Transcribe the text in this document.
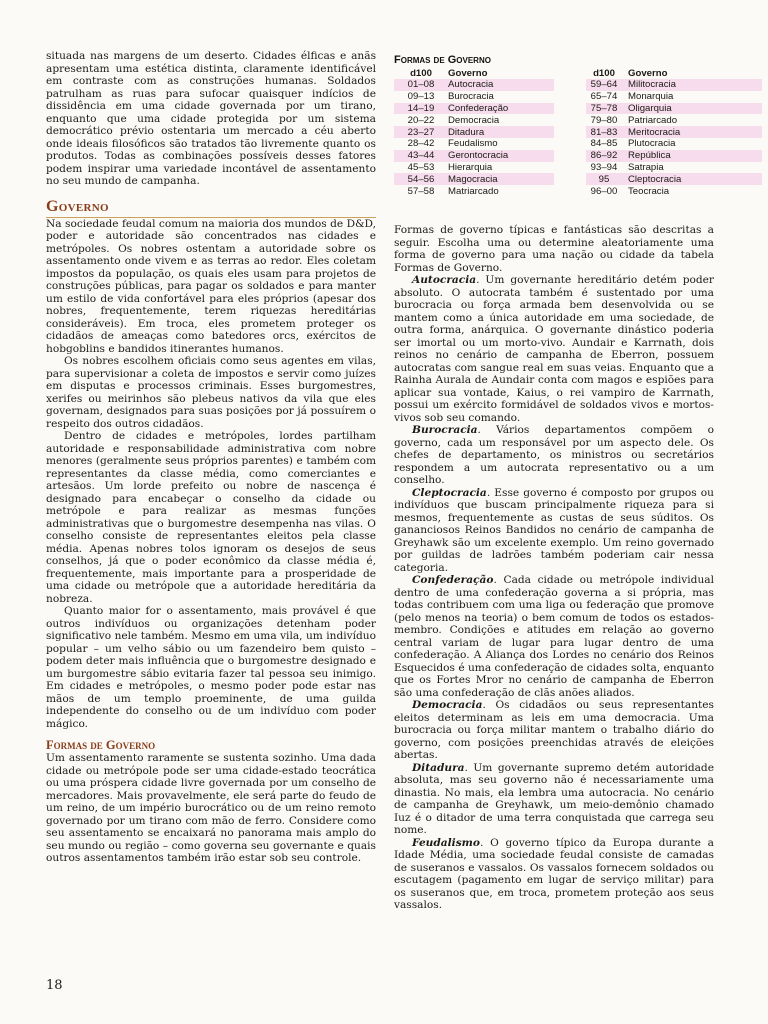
situada nas margens de um deserto. Cidades élficas e anãs apresentam uma estética distinta, claramente identificável em contraste com as construções humanas. Soldados patrulham as ruas para sufocar quaisquer indícios de dissidência em uma cidade governada por um tirano, enquanto que uma cidade protegida por um sistema democrático prévio ostentaria um mercado a céu aberto onde ideais filosóficos são tratados tão livremente quanto os produtos. Todas as combinações possíveis desses fatores podem inspirar uma variedade incontável de assentamento no seu mundo de campanha.

Governo

Na sociedade feudal comum na maioria dos mundos de D&D, poder e autoridade são concentrados nas cidades e metrópoles. Os nobres ostentam a autoridade sobre os assentamento onde vivem e as terras ao redor. Eles coletam impostos da população, os quais eles usam para projetos de construções públicas, para pagar os soldados e para manter um estilo de vida confortável para eles próprios (apesar dos nobres, frequentemente, terem riquezas hereditárias consideráveis). Em troca, eles prometem proteger os cidadãos de ameaças como batedores orcs, exércitos de hobgoblins e bandidos itinerantes humanos.

Os nobres escolhem oficiais como seus agentes em vilas, para supervisionar a coleta de impostos e servir como juízes em disputas e processos criminais. Esses burgomestres, xerifes ou meirinhos são plebeus nativos da vila que eles governam, designados para suas posições por já possuírem o respeito dos outros cidadãos.

Dentro de cidades e metrópoles, lordes partilham autoridade e responsabilidade administrativa com nobre menores (geralmente seus próprios parentes) e também com representantes da classe média, como comerciantes e artesãos. Um lorde prefeito ou nobre de nascença é designado para encabeçar o conselho da cidade ou metrópole e para realizar as mesmas funções administrativas que o burgomestre desempenha nas vilas. O conselho consiste de representantes eleitos pela classe média. Apenas nobres tolos ignoram os desejos de seus conselhos, já que o poder econômico da classe média é, frequentemente, mais importante para a prosperidade de uma cidade ou metrópole que a autoridade hereditária da nobreza.

Quanto maior for o assentamento, mais provável é que outros indivíduos ou organizações detenham poder significativo nele também. Mesmo em uma vila, um indivíduo popular – um velho sábio ou um fazendeiro bem quisto – podem deter mais influência que o burgomestre designado e um burgomestre sábio evitaria fazer tal pessoa seu inimigo. Em cidades e metrópoles, o mesmo poder pode estar nas mãos de um templo proeminente, de uma guilda independente do conselho ou de um indivíduo com poder mágico.

Formas de Governo

Um assentamento raramente se sustenta sozinho. Uma dada cidade ou metrópole pode ser uma cidade-estado teocrática ou uma próspera cidade livre governada por um conselho de mercadores. Mais provavelmente, ele será parte do feudo de um reino, de um império burocrático ou de um reino remoto governado por um tirano com mão de ferro. Considere como seu assentamento se encaixará no panorama mais amplo do seu mundo ou região – como governa seu governante e quais outros assentamentos também irão estar sob seu controle.

Formas de Governo
d100	Governo
01–08	Autocracia
09–13	Burocracia
14–19	Confederação
20–22	Democracia
23–27	Ditadura
28–42	Feudalismo
43–44	Gerontocracia
45–53	Hierarquia
54–56	Magocracia
57–58	Matriarcado
d100	Governo
59–64	Militocracia
65–74	Monarquia
75–78	Oligarquia
79–80	Patriarcado
81–83	Meritocracia
84–85	Plutocracia
86–92	República
93–94	Satrapia
95	Cleptocracia
96–00	Teocracia

Formas de governo típicas e fantásticas são descritas a seguir. Escolha uma ou determine aleatoriamente uma forma de governo para uma nação ou cidade da tabela Formas de Governo.

Autocracia. Um governante hereditário detém poder absoluto. O autocrata também é sustentado por uma burocracia ou força armada bem desenvolvida ou se mantem como a única autoridade em uma sociedade, de outra forma, anárquica. O governante dinástico poderia ser imortal ou um morto-vivo. Aundair e Karrnath, dois reinos no cenário de campanha de Eberron, possuem autocratas com sangue real em suas veias. Enquanto que a Rainha Aurala de Aundair conta com magos e espiões para aplicar sua vontade, Kaius, o rei vampiro de Karrnath, possui um exército formidável de soldados vivos e mortos-vivos sob seu comando.

Burocracia. Vários departamentos compõem o governo, cada um responsável por um aspecto dele. Os chefes de departamento, os ministros ou secretários respondem a um autocrata representativo ou a um conselho.

Cleptocracia. Esse governo é composto por grupos ou indivíduos que buscam principalmente riqueza para si mesmos, frequentemente as custas de seus súditos. Os gananciosos Reinos Bandidos no cenário de campanha de Greyhawk são um excelente exemplo. Um reino governado por guildas de ladrões também poderiam cair nessa categoria.

Confederação. Cada cidade ou metrópole individual dentro de uma confederação governa a si própria, mas todas contribuem com uma liga ou federação que promove (pelo menos na teoria) o bem comum de todos os estados-membro. Condições e atitudes em relação ao governo central variam de lugar para lugar dentro de uma confederação. A Aliança dos Lordes no cenário dos Reinos Esquecidos é uma confederação de cidades solta, enquanto que os Fortes Mror no cenário de campanha de Eberron são uma confederação de clãs anões aliados.

Democracia. Os cidadãos ou seus representantes eleitos determinam as leis em uma democracia. Uma burocracia ou força militar mantem o trabalho diário do governo, com posições preenchidas através de eleições abertas.

Ditadura. Um governante supremo detém autoridade absoluta, mas seu governo não é necessariamente uma dinastia. No mais, ela lembra uma autocracia. No cenário de campanha de Greyhawk, um meio-demônio chamado Iuz é o ditador de uma terra conquistada que carrega seu nome.

Feudalismo. O governo típico da Europa durante a Idade Média, uma sociedade feudal consiste de camadas de suseranos e vassalos. Os vassalos fornecem soldados ou escutagem (pagamento em lugar de serviço militar) para os suseranos que, em troca, prometem proteção aos seus vassalos.

18
